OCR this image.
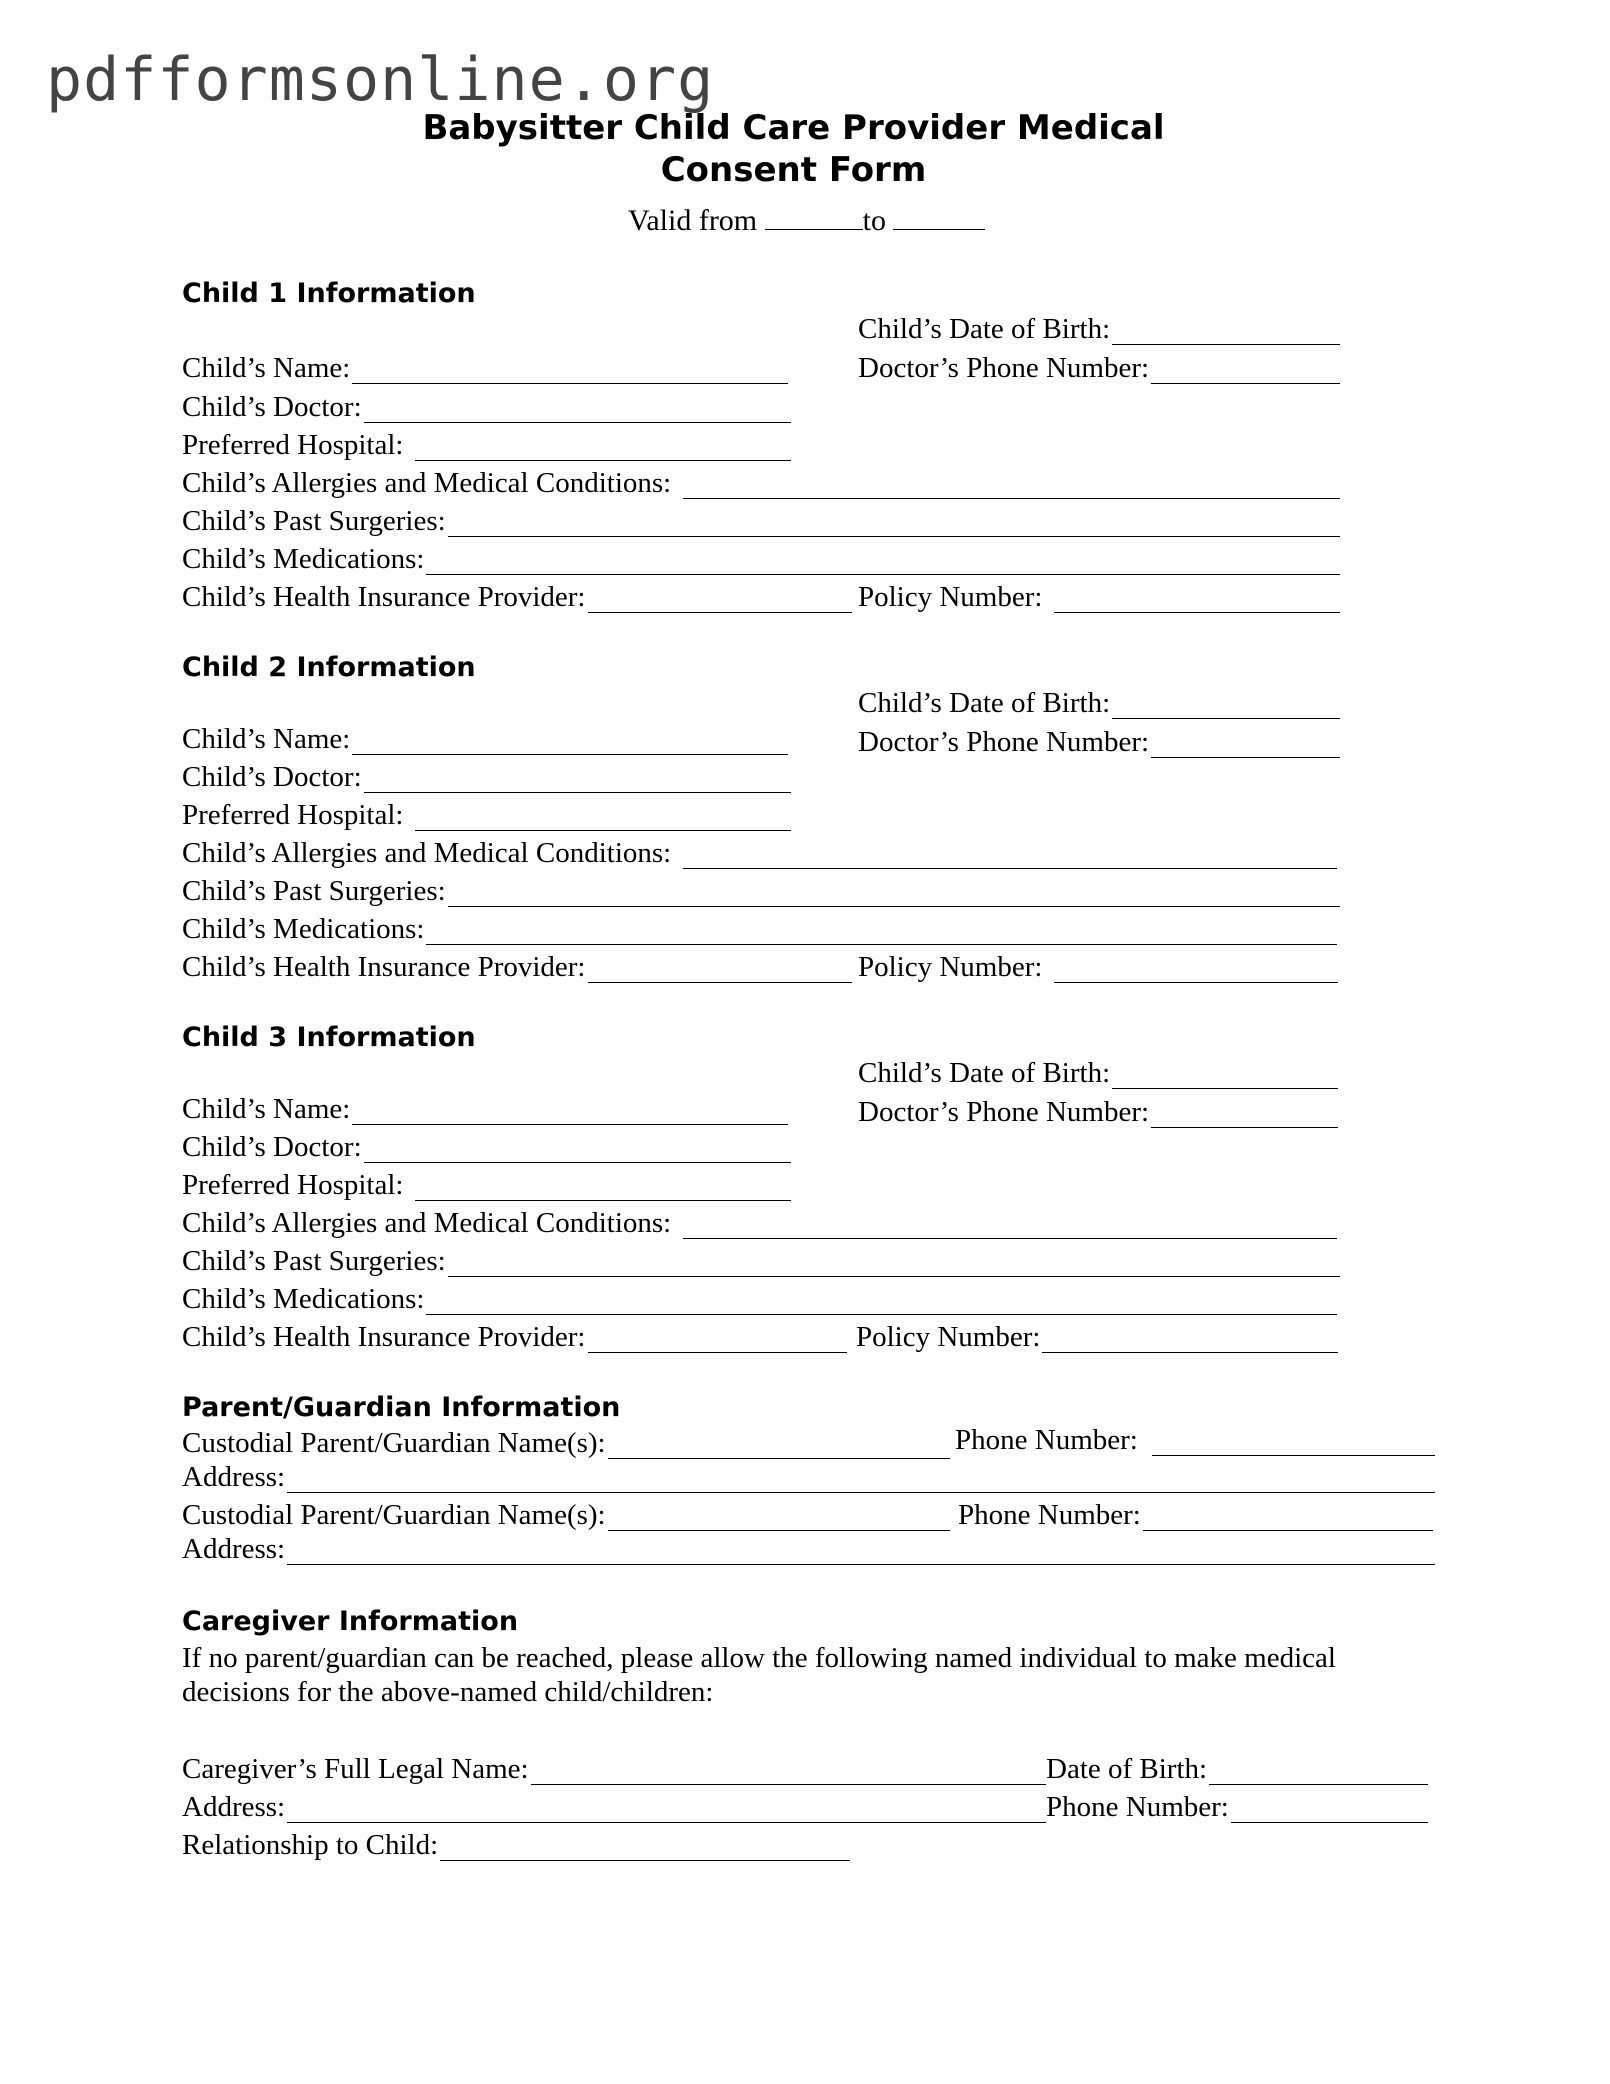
pdfformsonline.org
Babysitter Child Care Provider Medical
Consent Form
Valid from	to
Child 1 Information
Child’s Date of Birth:
Child’s Name:	Doctor’s Phone Number:
Child’s Doctor:
Preferred Hospital:
Child’s Allergies and Medical Conditions:
Child’s Past Surgeries:
Child’s Medications:
Child’s Health Insurance Provider:	Policy Number:
Child 2 Information
Child’s Date of Birth:
Child’s Name:	Doctor’s Phone Number:
Child’s Doctor:
Preferred Hospital:
Child’s Allergies and Medical Conditions:
Child’s Past Surgeries:
Child’s Medications:
Child’s Health Insurance Provider:	Policy Number:
Child 3 Information
Child’s Date of Birth:
Child’s Name:	Doctor’s Phone Number:
Child’s Doctor:
Preferred Hospital:
Child’s Allergies and Medical Conditions:
Child’s Past Surgeries:
Child’s Medications:
Child’s Health Insurance Provider:	Policy Number:
Parent/Guardian Information
Custodial Parent/Guardian Name(s):	Phone Number:
Address:
Custodial Parent/Guardian Name(s):	Phone Number:
Address:
Caregiver Information
If no parent/guardian can be reached, please allow the following named individual to make medical decisions for the above-named child/children:
Caregiver’s Full Legal Name:	Date of Birth:
Address:	Phone Number:
Relationship to Child:
